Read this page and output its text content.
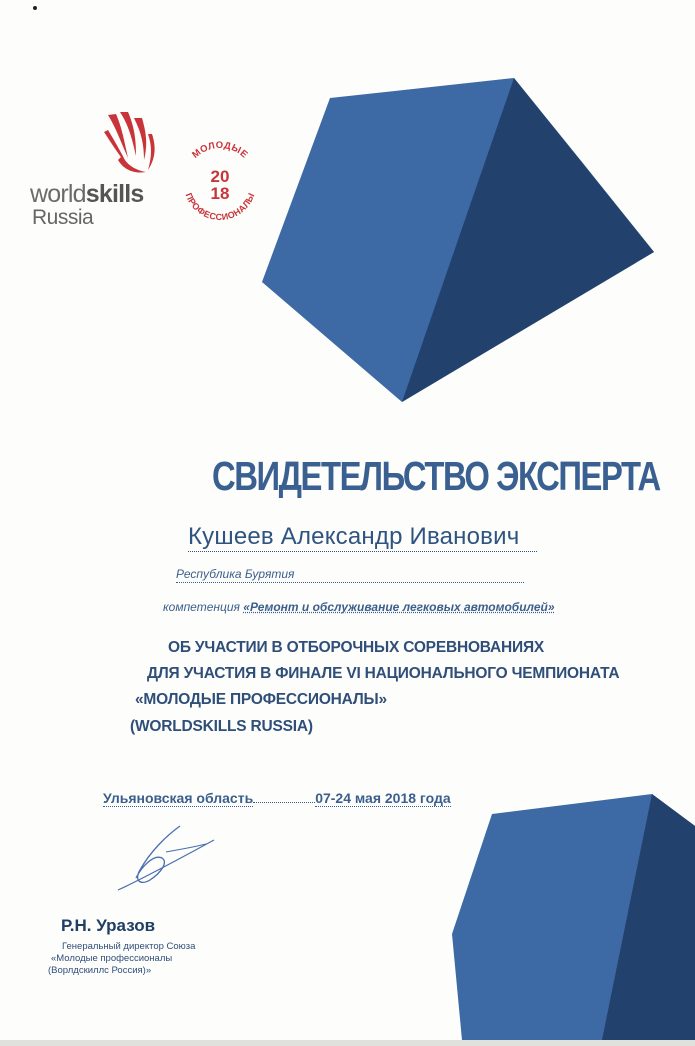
worldskills
Russia
МОЛОДЫЕ
ПРОФЕССИОНАЛЫ
20
18
СВИДЕТЕЛЬСТВО ЭКСПЕРТА
Кушеев Александр Иванович
Республика Бурятия
компетенция «Ремонт и обслуживание легковых автомобилей»
ОБ УЧАСТИИ В ОТБОРОЧНЫХ СОРЕВНОВАНИЯХ
ДЛЯ УЧАСТИЯ В ФИНАЛЕ VI НАЦИОНАЛЬНОГО ЧЕМПИОНАТА
«МОЛОДЫЕ ПРОФЕССИОНАЛЫ»
(WORLDSKILLS RUSSIA)
Ульяновская область	07-24 мая 2018 года
Р.Н. Уразов
Генеральный директор Союза
«Молодые профессионалы
(Ворлдскиллс Россия)»
